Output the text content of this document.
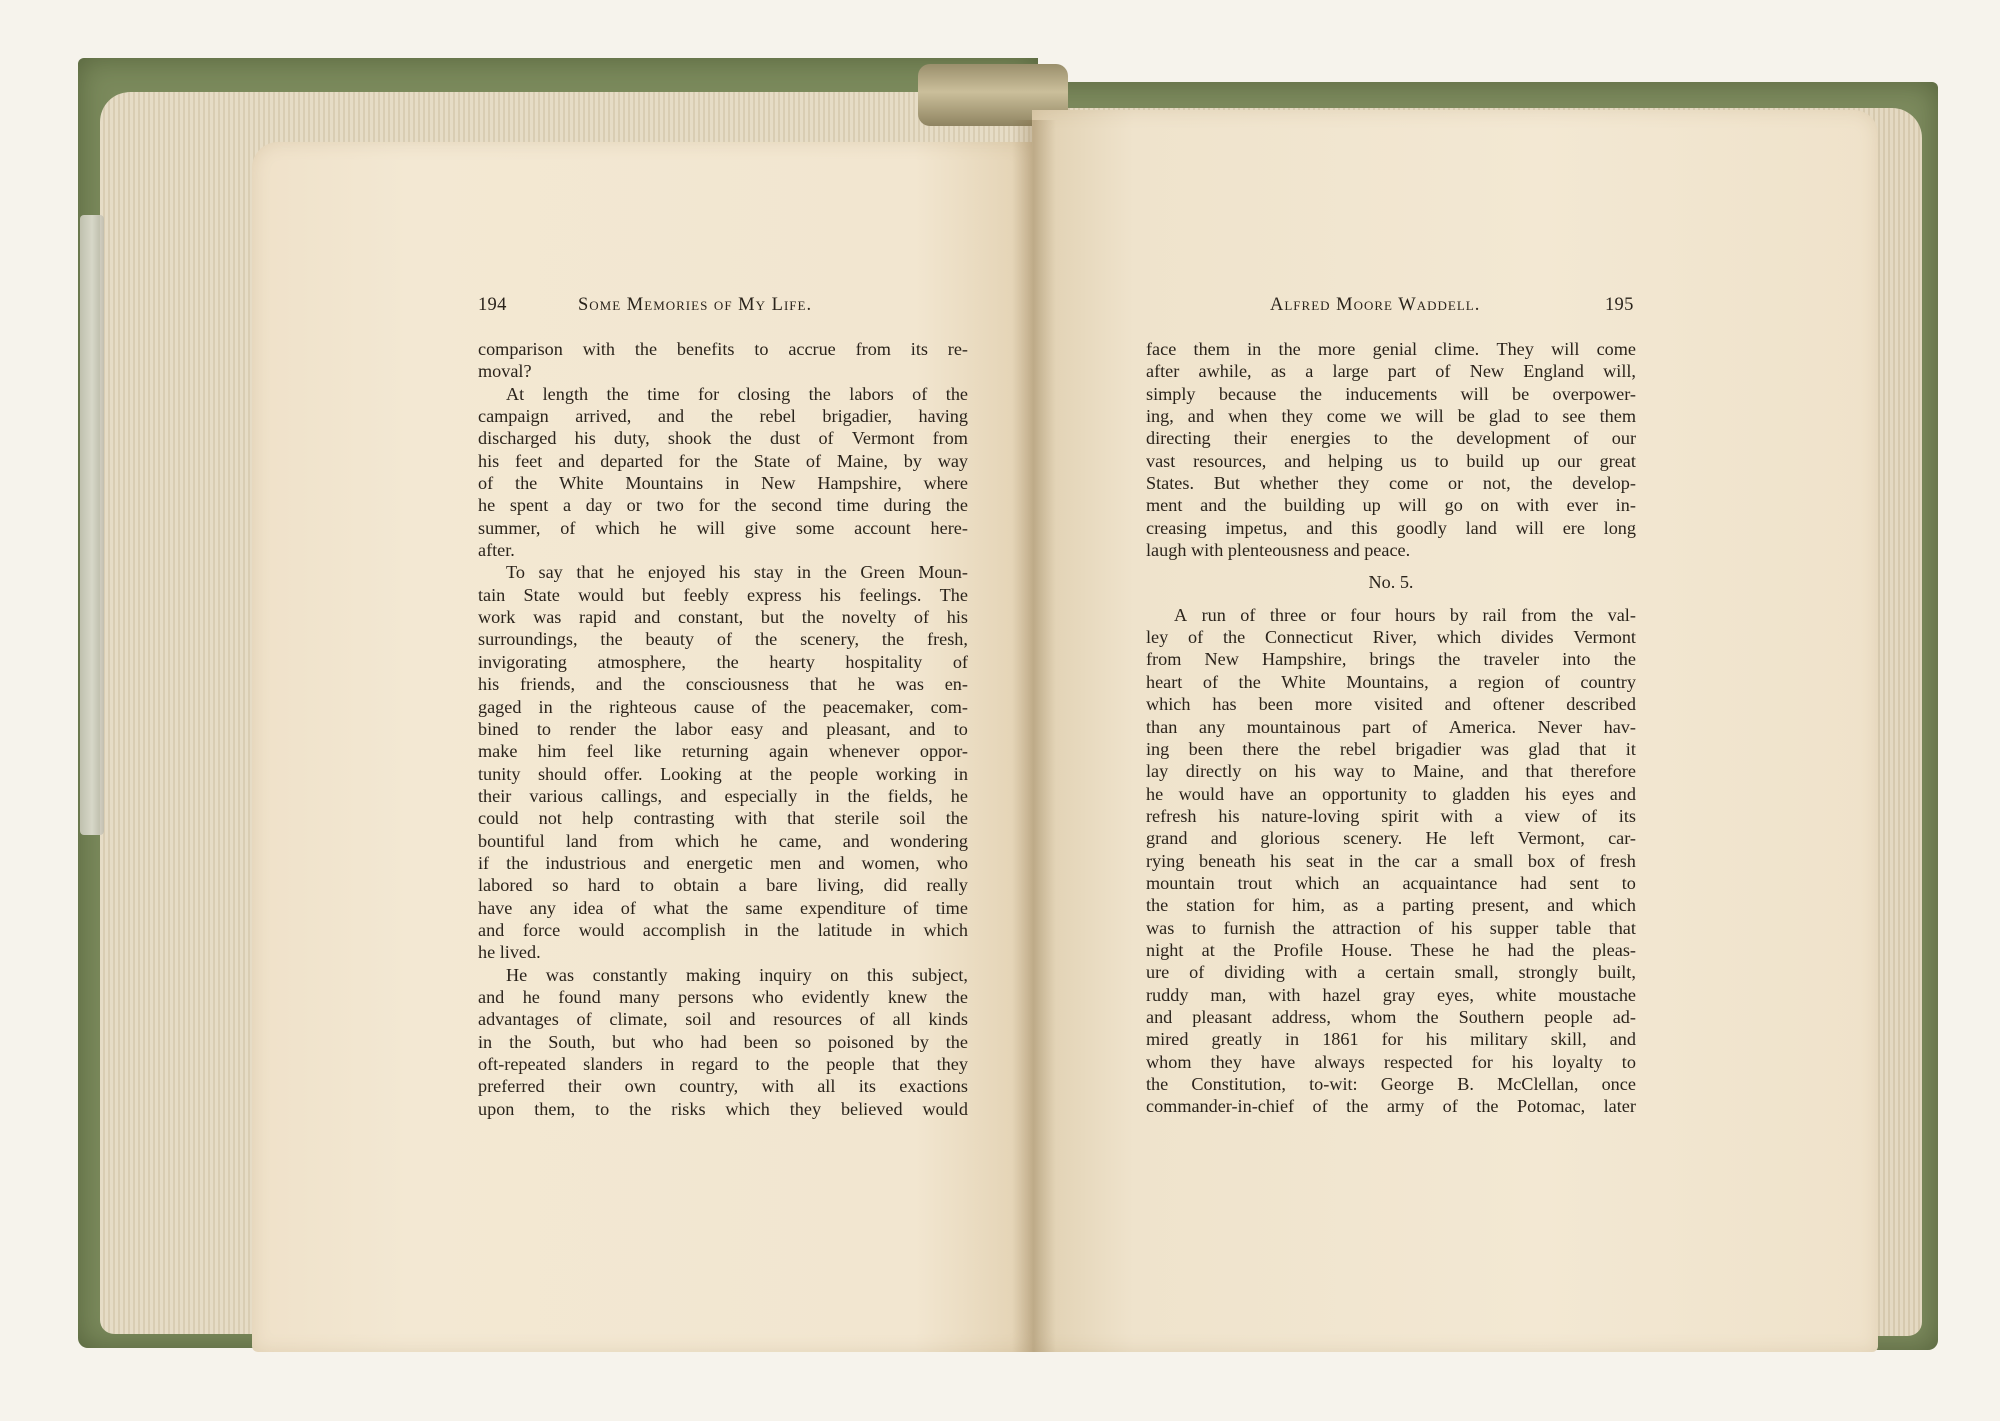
194	Some Memories of My Life.	Alfred Moore Waddell.	195
comparison with the benefits to accrue from its re-
moval?
At length the time for closing the labors of the
campaign arrived, and the rebel brigadier, having
discharged his duty, shook the dust of Vermont from
his feet and departed for the State of Maine, by way
of the White Mountains in New Hampshire, where
he spent a day or two for the second time during the
summer, of which he will give some account here-
after.
To say that he enjoyed his stay in the Green Moun-
tain State would but feebly express his feelings. The
work was rapid and constant, but the novelty of his
surroundings, the beauty of the scenery, the fresh,
invigorating atmosphere, the hearty hospitality of
his friends, and the consciousness that he was en-
gaged in the righteous cause of the peacemaker, com-
bined to render the labor easy and pleasant, and to
make him feel like returning again whenever oppor-
tunity should offer. Looking at the people working in
their various callings, and especially in the fields, he
could not help contrasting with that sterile soil the
bountiful land from which he came, and wondering
if the industrious and energetic men and women, who
labored so hard to obtain a bare living, did really
have any idea of what the same expenditure of time
and force would accomplish in the latitude in which
he lived.
He was constantly making inquiry on this subject,
and he found many persons who evidently knew the
advantages of climate, soil and resources of all kinds
in the South, but who had been so poisoned by the
oft-repeated slanders in regard to the people that they
preferred their own country, with all its exactions
upon them, to the risks which they believed would
face them in the more genial clime. They will come
after awhile, as a large part of New England will,
simply because the inducements will be overpower-
ing, and when they come we will be glad to see them
directing their energies to the development of our
vast resources, and helping us to build up our great
States. But whether they come or not, the develop-
ment and the building up will go on with ever in-
creasing impetus, and this goodly land will ere long
laugh with plenteousness and peace.
No. 5.
A run of three or four hours by rail from the val-
ley of the Connecticut River, which divides Vermont
from New Hampshire, brings the traveler into the
heart of the White Mountains, a region of country
which has been more visited and oftener described
than any mountainous part of America. Never hav-
ing been there the rebel brigadier was glad that it
lay directly on his way to Maine, and that therefore
he would have an opportunity to gladden his eyes and
refresh his nature-loving spirit with a view of its
grand and glorious scenery. He left Vermont, car-
rying beneath his seat in the car a small box of fresh
mountain trout which an acquaintance had sent to
the station for him, as a parting present, and which
was to furnish the attraction of his supper table that
night at the Profile House. These he had the pleas-
ure of dividing with a certain small, strongly built,
ruddy man, with hazel gray eyes, white moustache
and pleasant address, whom the Southern people ad-
mired greatly in 1861 for his military skill, and
whom they have always respected for his loyalty to
the Constitution, to-wit: George B. McClellan, once
commander-in-chief of the army of the Potomac, later
